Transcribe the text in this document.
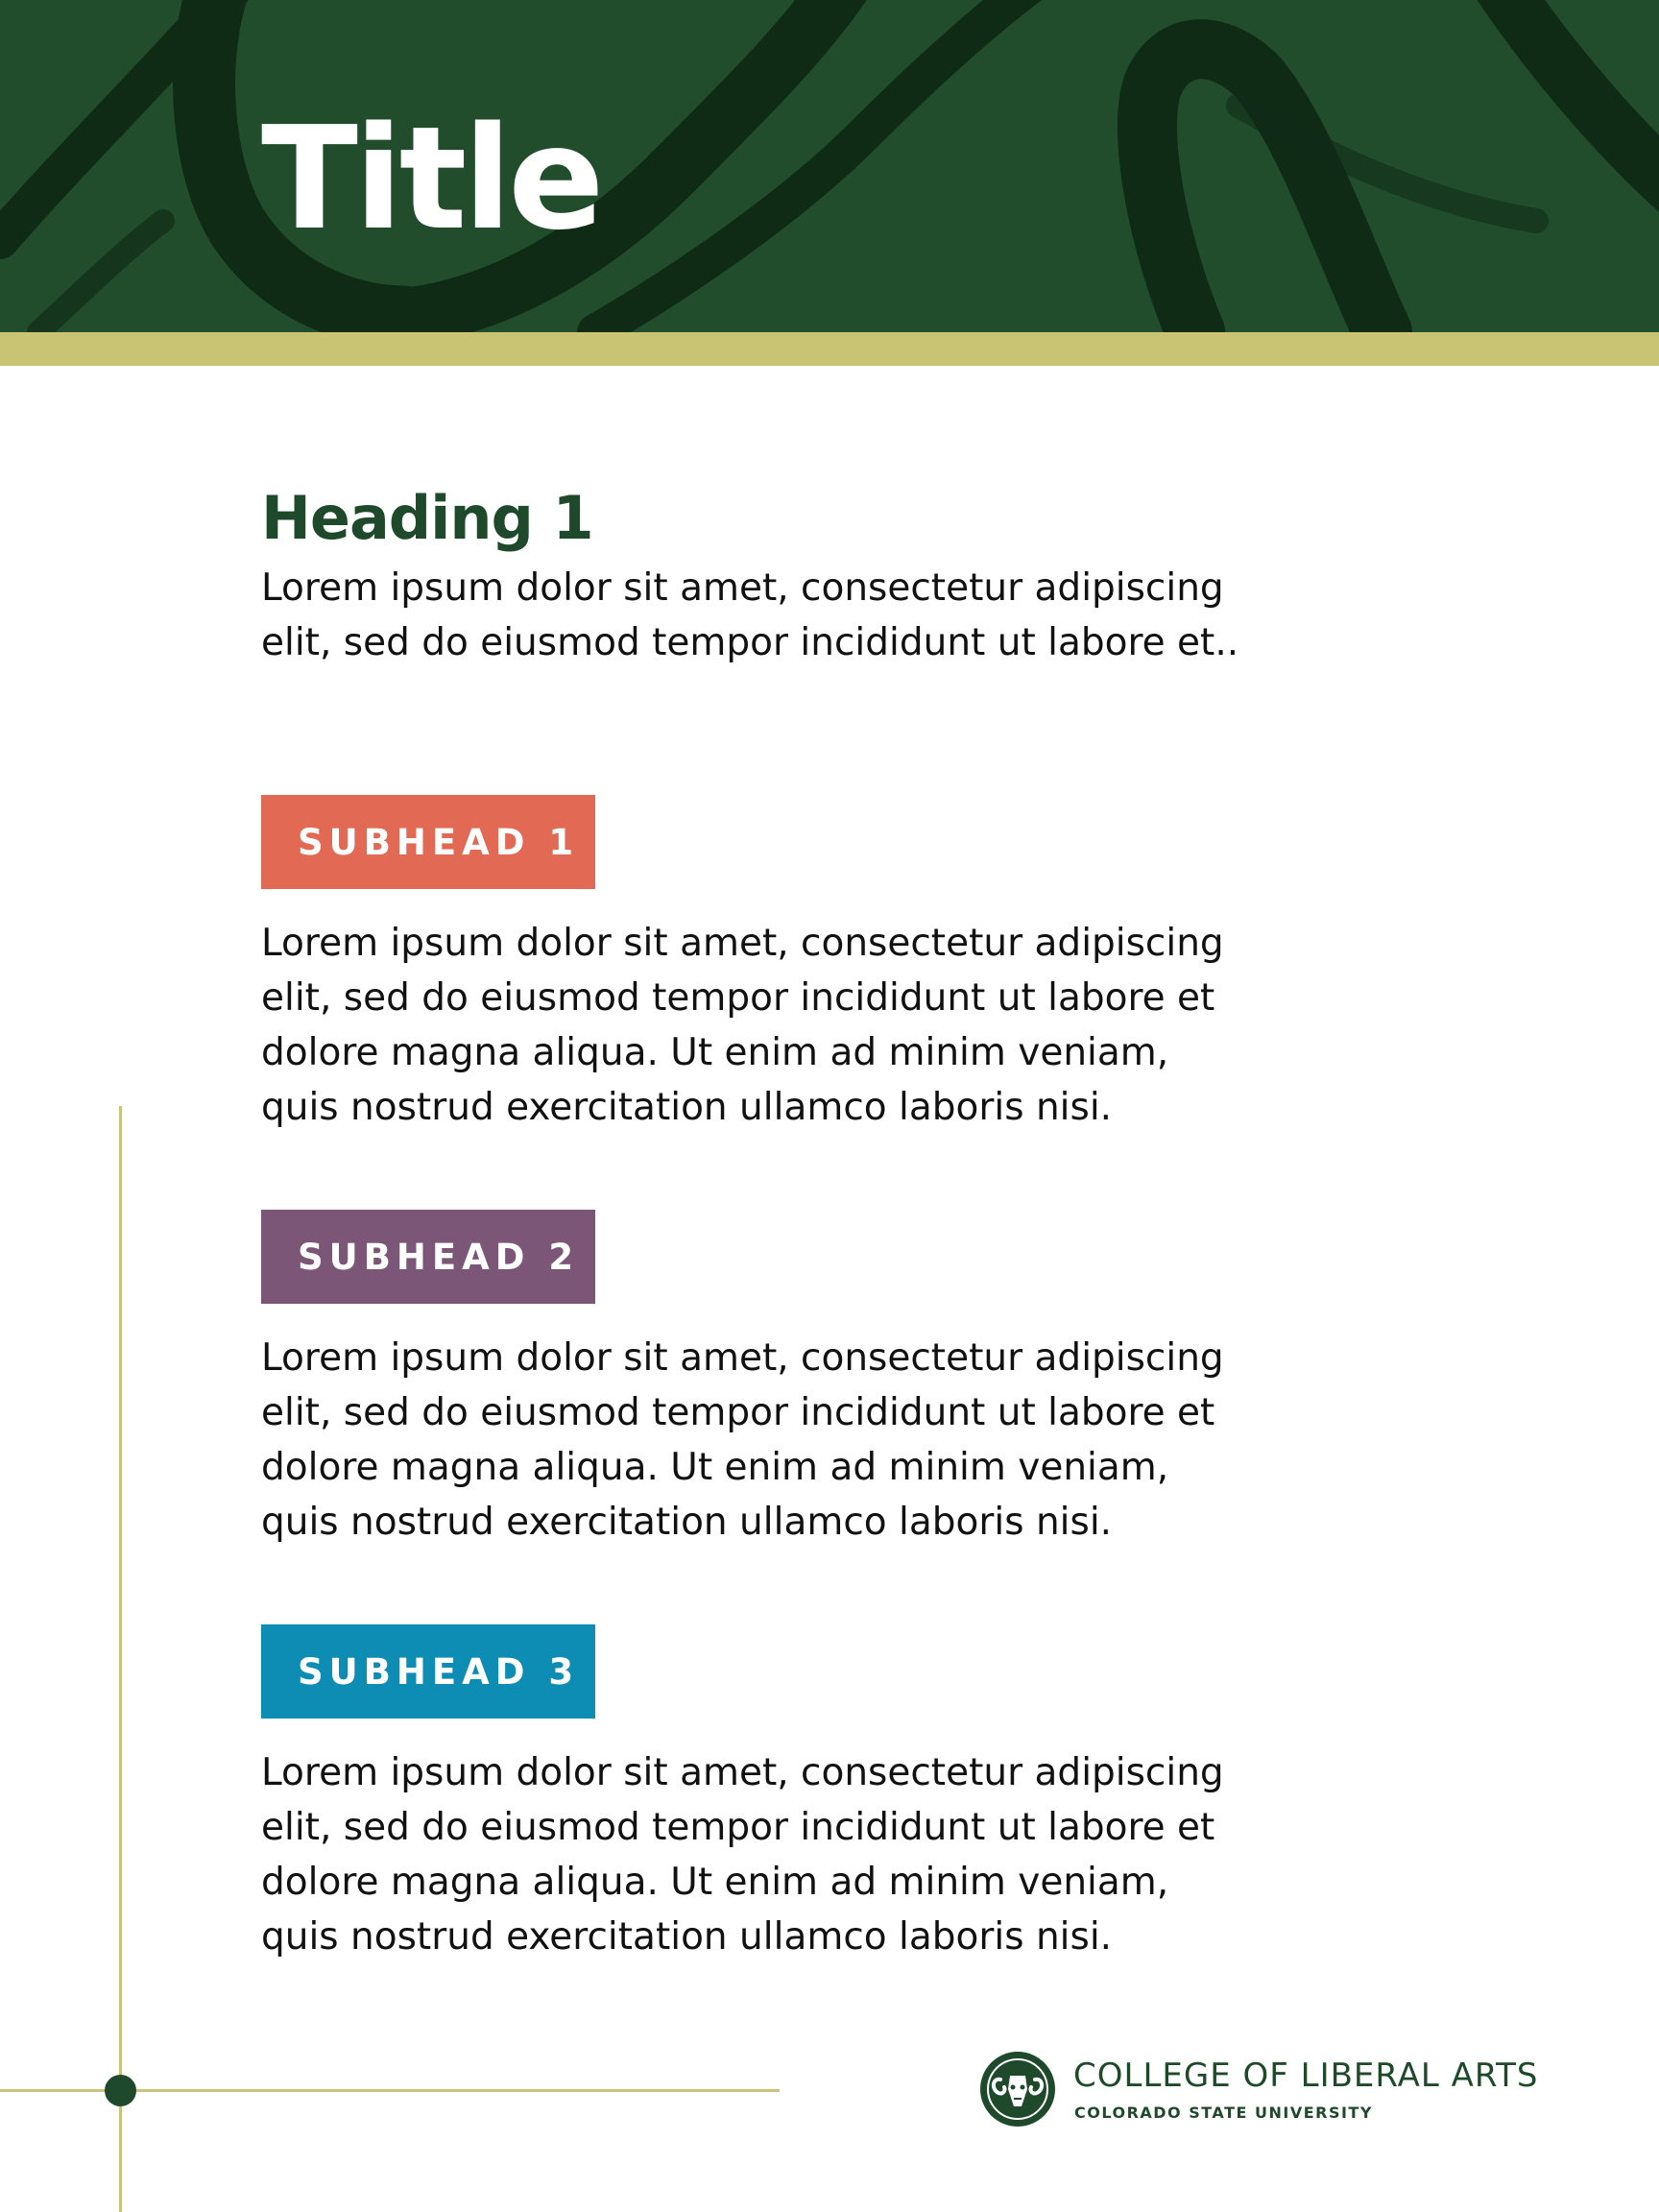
Title
Heading 1

Lorem ipsum dolor sit amet, consectetur adipiscing
elit, sed do eiusmod tempor incididunt ut labore et..

SUBHEAD 1

Lorem ipsum dolor sit amet, consectetur adipiscing
elit, sed do eiusmod tempor incididunt ut labore et
dolore magna aliqua. Ut enim ad minim veniam,
quis nostrud exercitation ullamco laboris nisi.

SUBHEAD 2

Lorem ipsum dolor sit amet, consectetur adipiscing
elit, sed do eiusmod tempor incididunt ut labore et
dolore magna aliqua. Ut enim ad minim veniam,
quis nostrud exercitation ullamco laboris nisi.

SUBHEAD 3

Lorem ipsum dolor sit amet, consectetur adipiscing
elit, sed do eiusmod tempor incididunt ut labore et
dolore magna aliqua. Ut enim ad minim veniam,
quis nostrud exercitation ullamco laboris nisi.

COLLEGE OF LIBERAL ARTS
COLORADO STATE UNIVERSITY
